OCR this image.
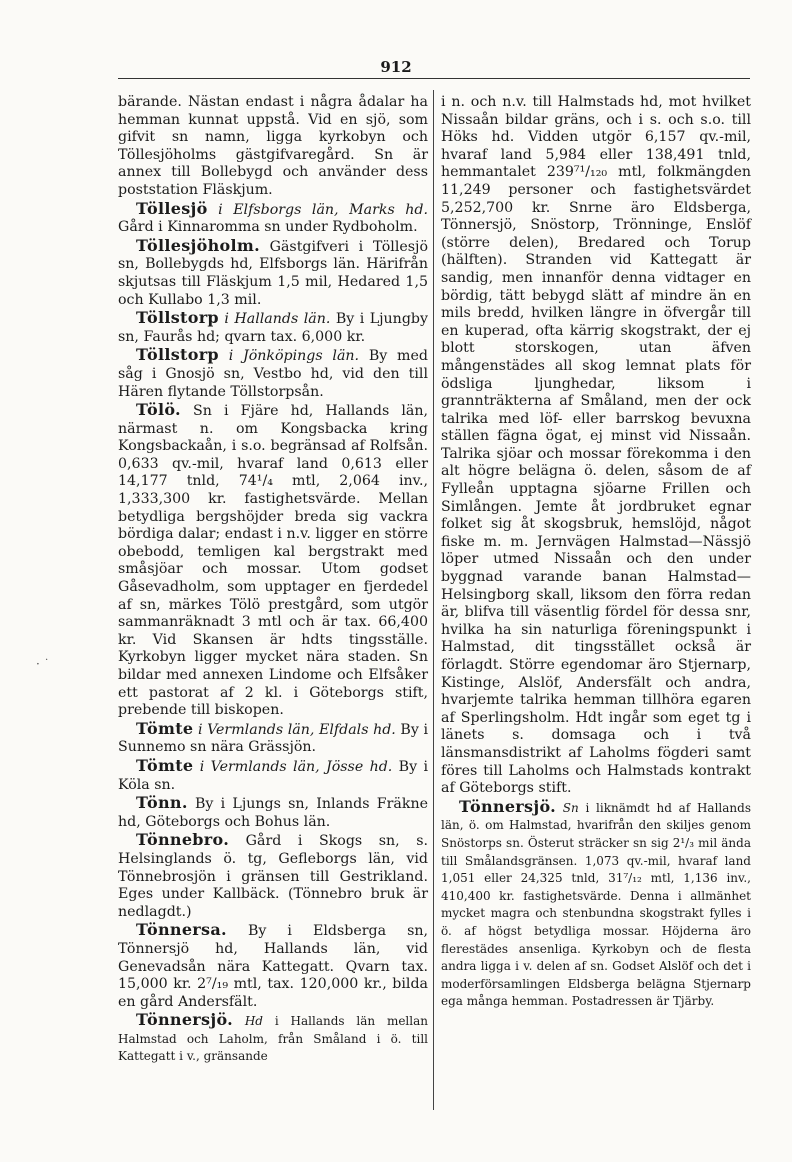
912

bärande. Nästan endast i några ådalar ha hemman kunnat uppstå. Vid en sjö, som gifvit sn namn, ligga kyrkobyn och Töllesjöholms gästgifvaregård. Sn är annex till Bollebygd och använder dess poststation Fläskjum.

Töllesjö i Elfsborgs län, Marks hd. Gård i Kinnaromma sn under Rydboholm.

Töllesjöholm. Gästgifveri i Töllesjö sn, Bollebygds hd, Elfsborgs län. Härifrån skjutsas till Fläskjum 1,5 mil, Hedared 1,5 och Kullabo 1,3 mil.

Töllstorp i Hallands län. By i Ljungby sn, Faurås hd; qvarn tax. 6,000 kr.

Töllstorp i Jönköpings län. By med såg i Gnosjö sn, Vestbo hd, vid den till Hären flytande Töllstorpsån.

Tölö. Sn i Fjäre hd, Hallands län, närmast n. om Kongsbacka kring Kongsbackaån, i s.o. begränsad af Rolfsån. 0,633 qv.-mil, hvaraf land 0,613 eller 14,177 tnld, 74¹/₄ mtl, 2,064 inv., 1,333,300 kr. fastighetsvärde. Mellan betydliga bergshöjder breda sig vackra bördiga dalar; endast i n.v. ligger en större obebodd, temligen kal bergstrakt med småsjöar och mossar. Utom godset Gåsevadholm, som upptager en fjerdedel af sn, märkes Tölö prestgård, som utgör sammanräknadt 3 mtl och är tax. 66,400 kr. Vid Skansen är hdts tingsställe. Kyrkobyn ligger mycket nära staden. Sn bildar med annexen Lindome och Elfsåker ett pastorat af 2 kl. i Göteborgs stift, prebende till biskopen.

Tömte i Vermlands län, Elfdals hd. By i Sunnemo sn nära Grässjön.

Tömte i Vermlands län, Jösse hd. By i Köla sn.

Tönn. By i Ljungs sn, Inlands Fräkne hd, Göteborgs och Bohus län.

Tönnebro. Gård i Skogs sn, s. Helsinglands ö. tg, Gefleborgs län, vid Tönnebrosjön i gränsen till Gestrikland. Eges under Kallbäck. (Tönnebro bruk är nedlagdt.)

Tönnersa. By i Eldsberga sn, Tönnersjö hd, Hallands län, vid Genevadsån nära Kattegatt. Qvarn tax. 15,000 kr. 2⁷/₁₉ mtl, tax. 120,000 kr., bilda en gård Andersfält.

Tönnersjö. Hd i Hallands län mellan Halmstad och Laholm, från Småland i ö. till Kattegatt i v., gränsande

i n. och n.v. till Halmstads hd, mot hvilket Nissaån bildar gräns, och i s. och s.o. till Höks hd. Vidden utgör 6,157 qv.-mil, hvaraf land 5,984 eller 138,491 tnld, hemmantalet 239⁷¹/₁₂₀ mtl, folkmängden 11,249 personer och fastighetsvärdet 5,252,700 kr. Snrne äro Eldsberga, Tönnersjö, Snöstorp, Trönninge, Enslöf (större delen), Bredared och Torup (hälften). Stranden vid Kattegatt är sandig, men innanför denna vidtager en bördig, tätt bebygd slätt af mindre än en mils bredd, hvilken längre in öfvergår till en kuperad, ofta kärrig skogstrakt, der ej blott storskogen, utan äfven mångenstädes all skog lemnat plats för ödsliga ljunghedar, liksom i grannträkterna af Småland, men der ock talrika med löf- eller barrskog bevuxna ställen fägna ögat, ej minst vid Nissaån. Talrika sjöar och mossar förekomma i den alt högre belägna ö. delen, såsom de af Fylleån upptagna sjöarne Frillen och Simlången. Jemte åt jordbruket egnar folket sig åt skogsbruk, hemslöjd, något fiske m. m. Jernvägen Halmstad—Nässjö löper utmed Nissaån och den under byggnad varande banan Halmstad—Helsingborg skall, liksom den förra redan är, blifva till väsentlig fördel för dessa snr, hvilka ha sin naturliga föreningspunkt i Halmstad, dit tingsstället också är förlagdt. Större egendomar äro Stjernarp, Kistinge, Alslöf, Andersfält och andra, hvarjemte talrika hemman tillhöra egaren af Sperlingsholm. Hdt ingår som eget tg i länets s. domsaga och i två länsmansdistrikt af Laholms fögderi samt föres till Laholms och Halmstads kontrakt af Göteborgs stift.

Tönnersjö. Sn i liknämdt hd af Hallands län, ö. om Halmstad, hvarifrån den skiljes genom Snöstorps sn. Österut sträcker sn sig 2¹/₃ mil ända till Smålandsgränsen. 1,073 qv.-mil, hvaraf land 1,051 eller 24,325 tnld, 31⁷/₁₂ mtl, 1,136 inv., 410,400 kr. fastighetsvärde. Denna i allmänhet mycket magra och stenbundna skogstrakt fylles i ö. af högst betydliga mossar. Höjderna äro flerestädes ansenliga. Kyrkobyn och de flesta andra ligga i v. delen af sn. Godset Alslöf och det i moderförsamlingen Eldsberga belägna Stjernarp ega många hemman. Postadressen är Tjärby.

· ˙
